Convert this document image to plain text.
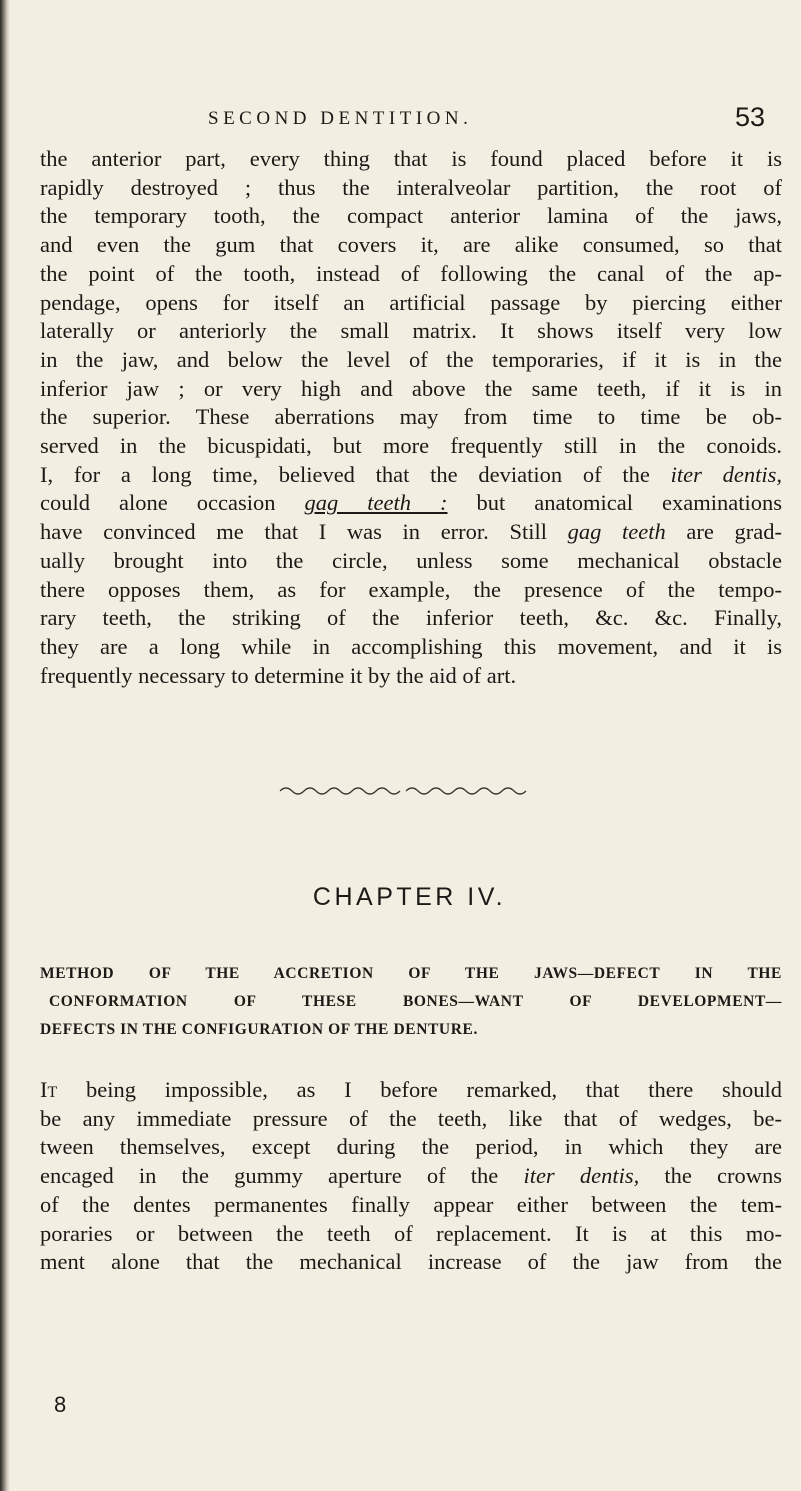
SECOND DENTITION.	53
the anterior part, every thing that is found placed before it is
rapidly destroyed ; thus the interalveolar partition, the root of
the temporary tooth, the compact anterior lamina of the jaws,
and even the gum that covers it, are alike consumed, so that
the point of the tooth, instead of following the canal of the ap-
pendage, opens for itself an artificial passage by piercing either
laterally or anteriorly the small matrix. It shows itself very low
in the jaw, and below the level of the temporaries, if it is in the
inferior jaw ; or very high and above the same teeth, if it is in
the superior. These aberrations may from time to time be ob-
served in the bicuspidati, but more frequently still in the conoids.
I, for a long time, believed that the deviation of the iter dentis,
could alone occasion gag teeth : but anatomical examinations
have convinced me that I was in error. Still gag teeth are grad-
ually brought into the circle, unless some mechanical obstacle
there opposes them, as for example, the presence of the tempo-
rary teeth, the striking of the inferior teeth, &c. &c. Finally,
they are a long while in accomplishing this movement, and it is
frequently necessary to determine it by the aid of art.
CHAPTER IV.
METHOD OF THE ACCRETION OF THE JAWS—DEFECT IN THE
CONFORMATION OF THESE BONES—WANT OF DEVELOPMENT—
DEFECTS IN THE CONFIGURATION OF THE DENTURE.
It being impossible, as I before remarked, that there should
be any immediate pressure of the teeth, like that of wedges, be-
tween themselves, except during the period, in which they are
encaged in the gummy aperture of the iter dentis, the crowns
of the dentes permanentes finally appear either between the tem-
poraries or between the teeth of replacement. It is at this mo-
ment alone that the mechanical increase of the jaw from the
8
